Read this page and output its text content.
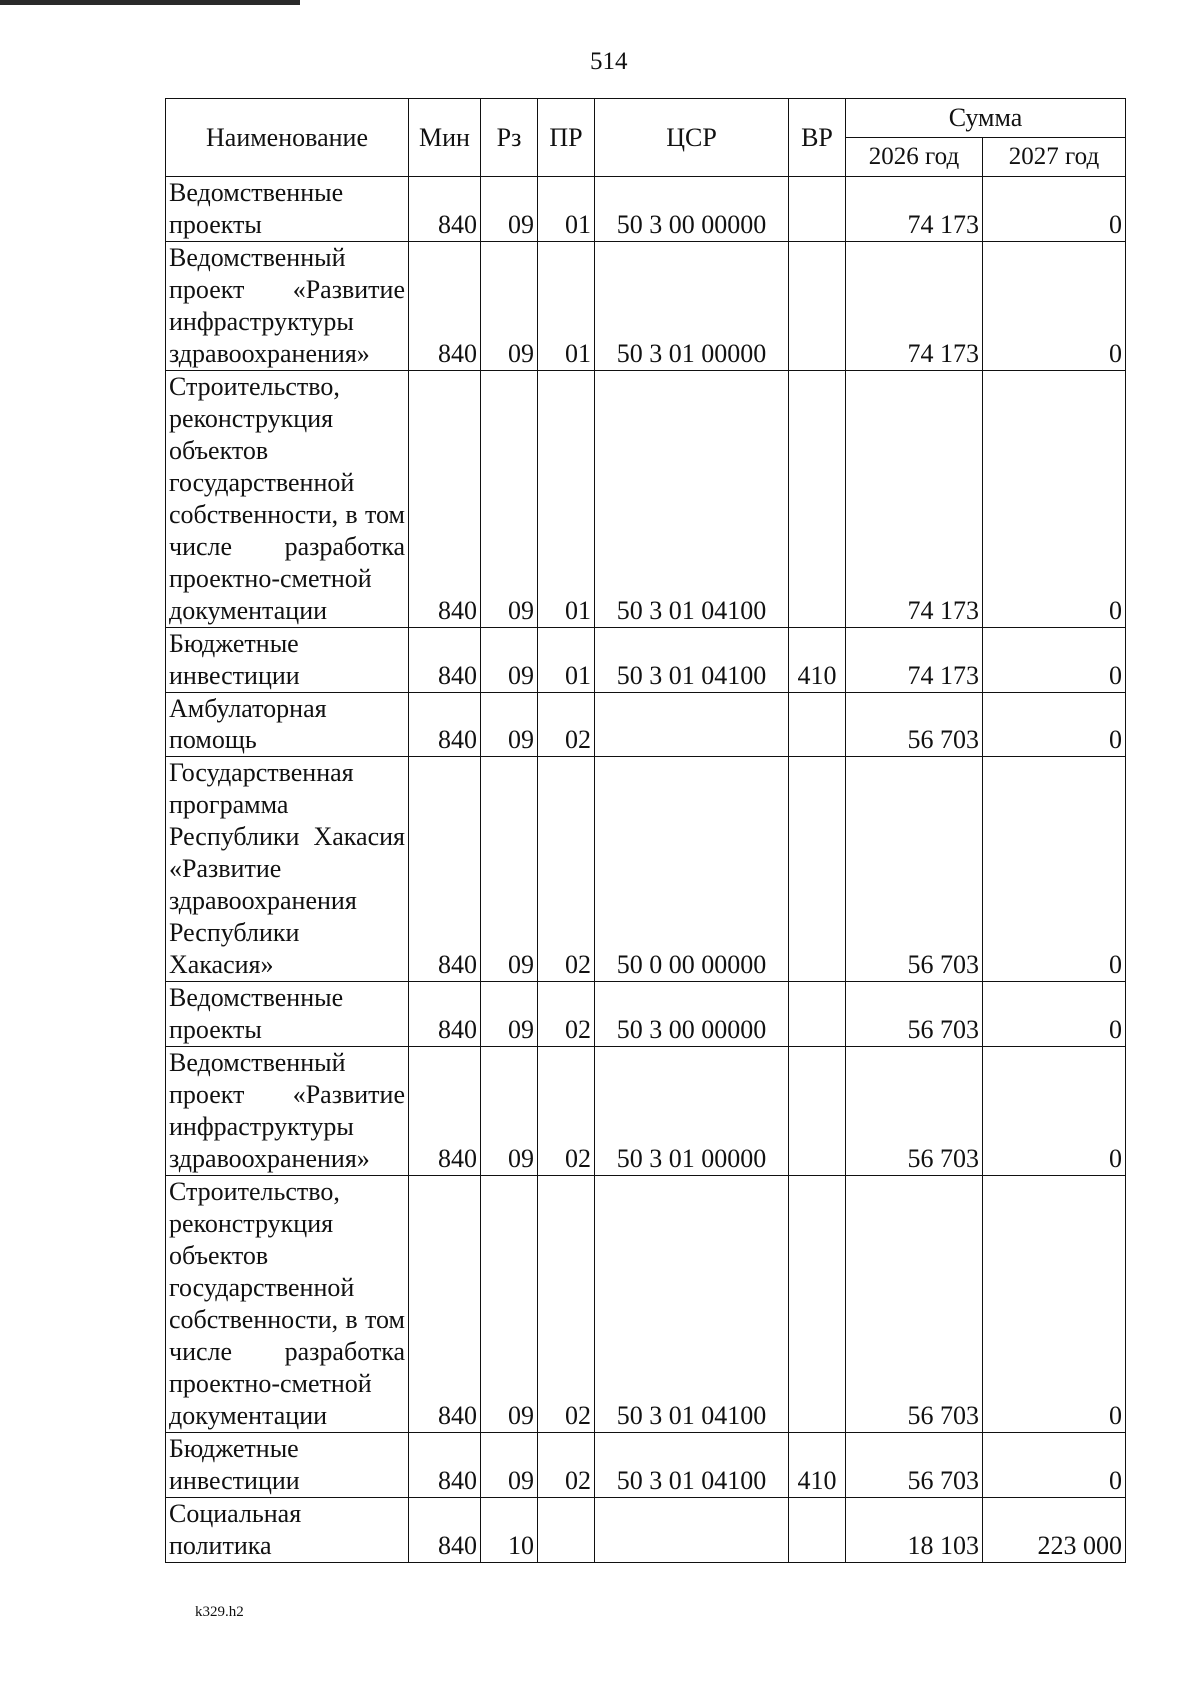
514
Наименование	Мин	Рз	ПР	ЦСР	ВР	Сумма	
						2026 год	2027 год
Ведомственные проекты	840	09	01	50 3 00 00000		74 173	0
Ведомственный проект «Развитие инфраструктуры здравоохранения»	840	09	01	50 3 01 00000		74 173	0
Строительство, реконструкция объектов государственной собственности, в том числе разработка проектно-сметной документации	840	09	01	50 3 01 04100		74 173	0
Бюджетные инвестиции	840	09	01	50 3 01 04100	410	74 173	0
Амбулаторная помощь	840	09	02			56 703	0
Государственная программа Республики Хакасия «Развитие здравоохранения Республики Хакасия»	840	09	02	50 0 00 00000		56 703	0
Ведомственные проекты	840	09	02	50 3 00 00000		56 703	0
Ведомственный проект «Развитие инфраструктуры здравоохранения»	840	09	02	50 3 01 00000		56 703	0
Строительство, реконструкция объектов государственной собственности, в том числе разработка проектно-сметной документации	840	09	02	50 3 01 04100		56 703	0
Бюджетные инвестиции	840	09	02	50 3 01 04100	410	56 703	0
Социальная политика	840	10				18 103	223 000
k329.h2
